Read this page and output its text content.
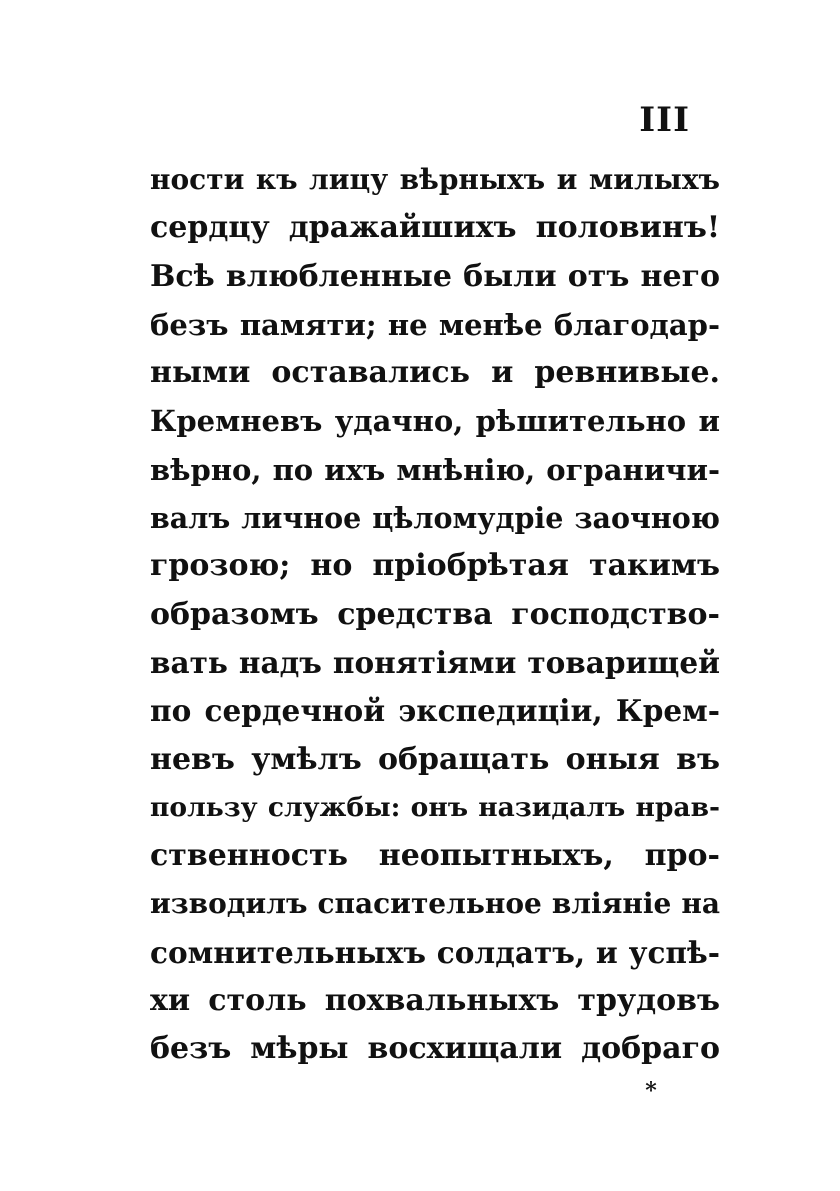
III
ности къ лицу вѣрныхъ и милыхъ
сердцу дражайшихъ половинъ!
Всѣ влюбленные были отъ него
безъ памяти; не менѣе благодар-
ными оставались и ревнивые.
Кремневъ удачно, рѣшительно и
вѣрно, по ихъ мнѣнію, ограничи-
валъ личное цѣломудріе заочною
грозою; но пріобрѣтая такимъ
образомъ средства господство-
вать надъ понятіями товарищей
по сердечной экспедиціи, Крем-
невъ умѣлъ обращать оныя въ
пользу службы: онъ назидалъ нрав-
ственность неопытныхъ, про-
изводилъ спасительное вліяніе на
сомнительныхъ солдатъ, и успѣ-
хи столь похвальныхъ трудовъ
безъ мѣры восхищали добраго
*
